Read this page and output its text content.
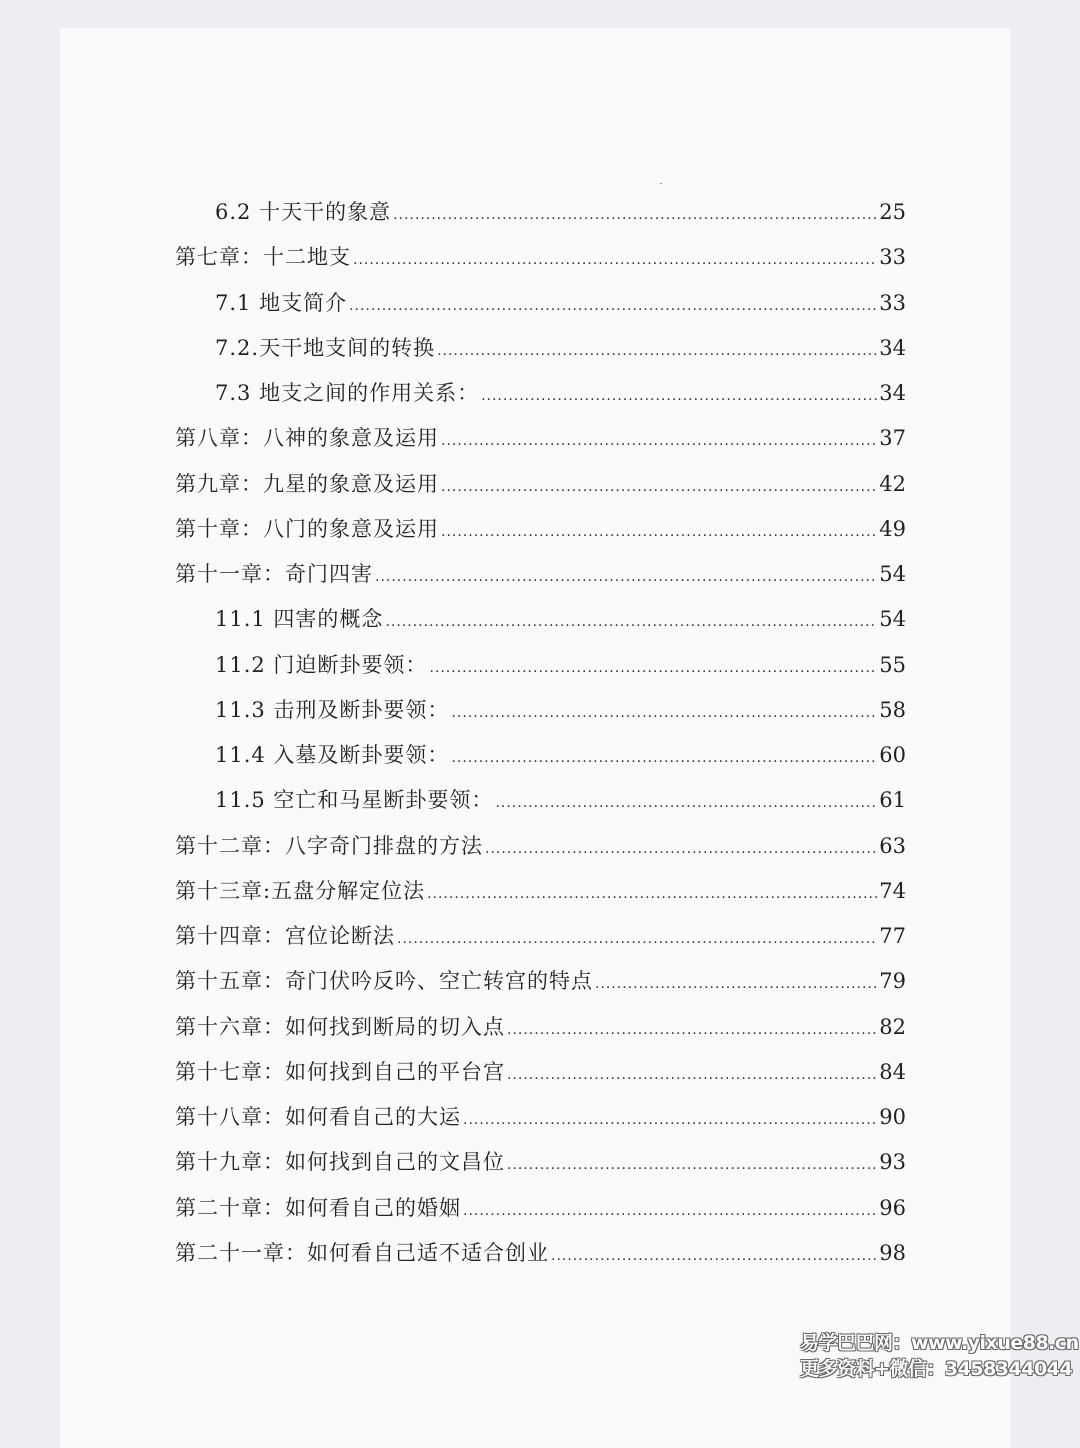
6.2 十天干的象意 .....	25
第七章：十二地支 .....	33
7.1 地支简介 .....	33
7.2.天干地支间的转换 .....	34
7.3 地支之间的作用关系： .....	34
第八章：八神的象意及运用 .....	37
第九章：九星的象意及运用 .....	42
第十章：八门的象意及运用 .....	49
第十一章：奇门四害 .....	54
11.1 四害的概念 .....	54
11.2 门迫断卦要领： .....	55
11.3 击刑及断卦要领： .....	58
11.4 入墓及断卦要领： .....	60
11.5 空亡和马星断卦要领： .....	61
第十二章：八字奇门排盘的方法 .....	63
第十三章:五盘分解定位法 .....	74
第十四章：宫位论断法 .....	77
第十五章：奇门伏吟反吟、空亡转宫的特点 .....	79
第十六章：如何找到断局的切入点 .....	82
第十七章：如何找到自己的平台宫 .....	84
第十八章：如何看自己的大运 .....	90
第十九章：如何找到自己的文昌位 .....	93
第二十章：如何看自己的婚姻 .....	96
第二十一章：如何看自己适不适合创业 .....	98
易学巴巴网：www.yixue88.cn
更多资料+微信：3458344044
